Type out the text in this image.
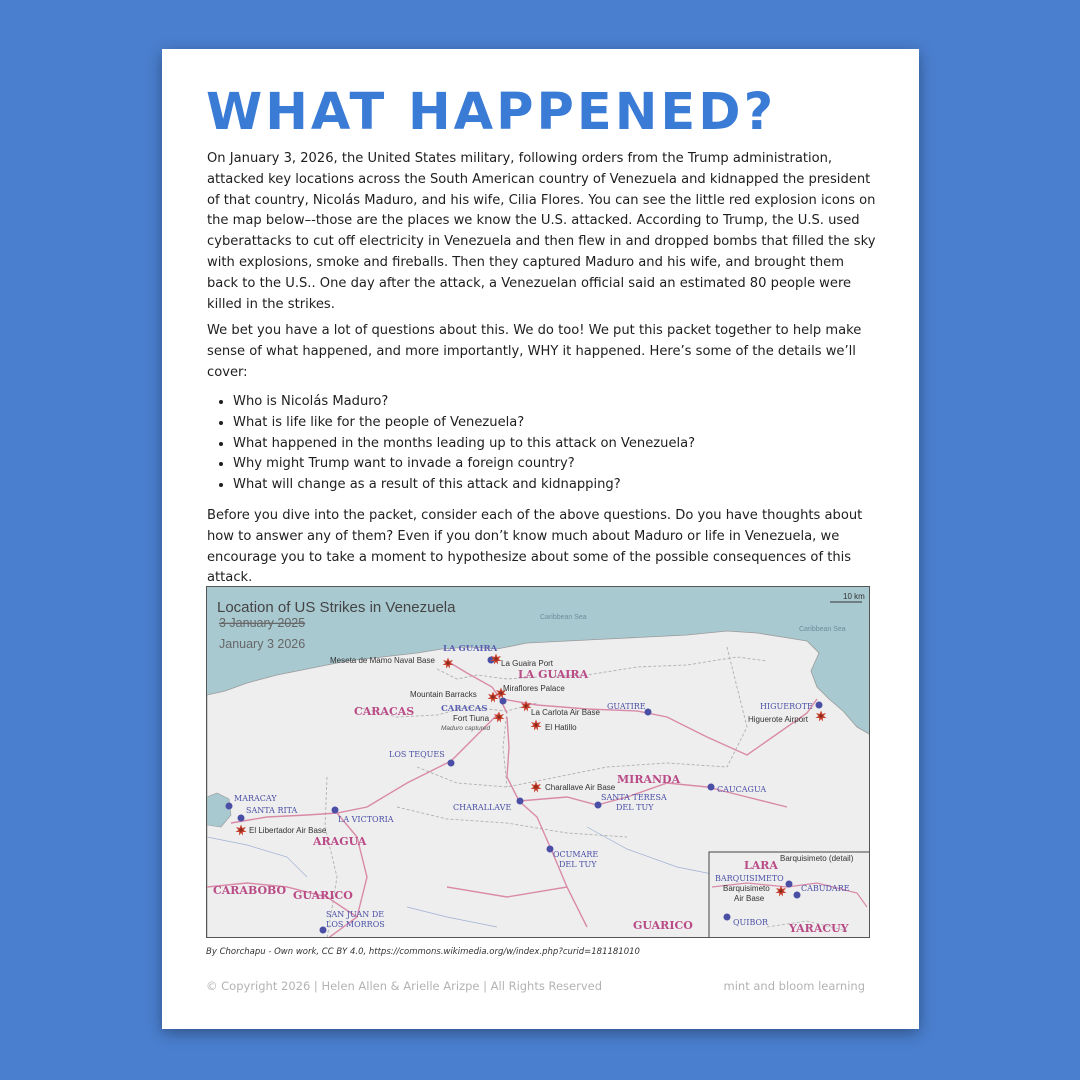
WHAT HAPPENED?

On January 3, 2026, the United States military, following orders from the Trump administration, attacked key locations across the South American country of Venezuela and kidnapped the president of that country, Nicolás Maduro, and his wife, Cilia Flores. You can see the little red explosion icons on the map below–-those are the places we know the U.S. attacked. According to Trump, the U.S. used cyberattacks to cut off electricity in Venezuela and then flew in and dropped bombs that filled the sky with explosions, smoke and fireballs. Then they captured Maduro and his wife, and brought them back to the U.S.. One day after the attack, a Venezuelan official said an estimated 80 people were killed in the strikes.

We bet you have a lot of questions about this. We do too! We put this packet together to help make sense of what happened, and more importantly, WHY it happened. Here’s some of the details we’ll cover:

• Who is Nicolás Maduro?
• What is life like for the people of Venezuela?
• What happened in the months leading up to this attack on Venezuela?
• Why might Trump want to invade a foreign country?
• What will change as a result of this attack and kidnapping?

Before you dive into the packet, consider each of the above questions. Do you have thoughts about how to answer any of them? Even if you don’t know much about Maduro or life in Venezuela, we encourage you to take a moment to hypothesize about some of the possible consequences of this attack.

Location of US Strikes in Venezuela
3 January 2025
January 3 2026
10 km
Caribbean Sea
Caribbean Sea
LA GUAIRA
CARACAS
MIRANDA
ARAGUA
CARABOBO GUARICO
GUARICO
LARA
YARACUY
LA GUAIRA
CARACAS	GUATIRE	HIGUEROTE
LOS TEQUES
MARACAY
SANTA RITA
LA VICTORIA
CHARALLAVE
SANTA TERESA
DEL TUY
CAUCAGUA
OCUMARE
DEL TUY
SAN JUAN DE
LOS MORROS
BARQUISIMETO
CABUDARE
QUIBOR
Meseta de Mamo Naval Base	La Guaira Port
Miraflores Palace
Mountain Barracks
Fort Tiuna
Maduro captured
La Carlota Air Base
El Hatillo
Higuerote Airport
Charallave Air Base
El Libertador Air Base
Barquisimeto (detail)
Barquisimeto
Air Base
By Chorchapu - Own work, CC BY 4.0, https://commons.wikimedia.org/w/index.php?curid=181181010
© Copyright 2026 | Helen Allen & Arielle Arizpe | All Rights Reserved	mint and bloom learning
